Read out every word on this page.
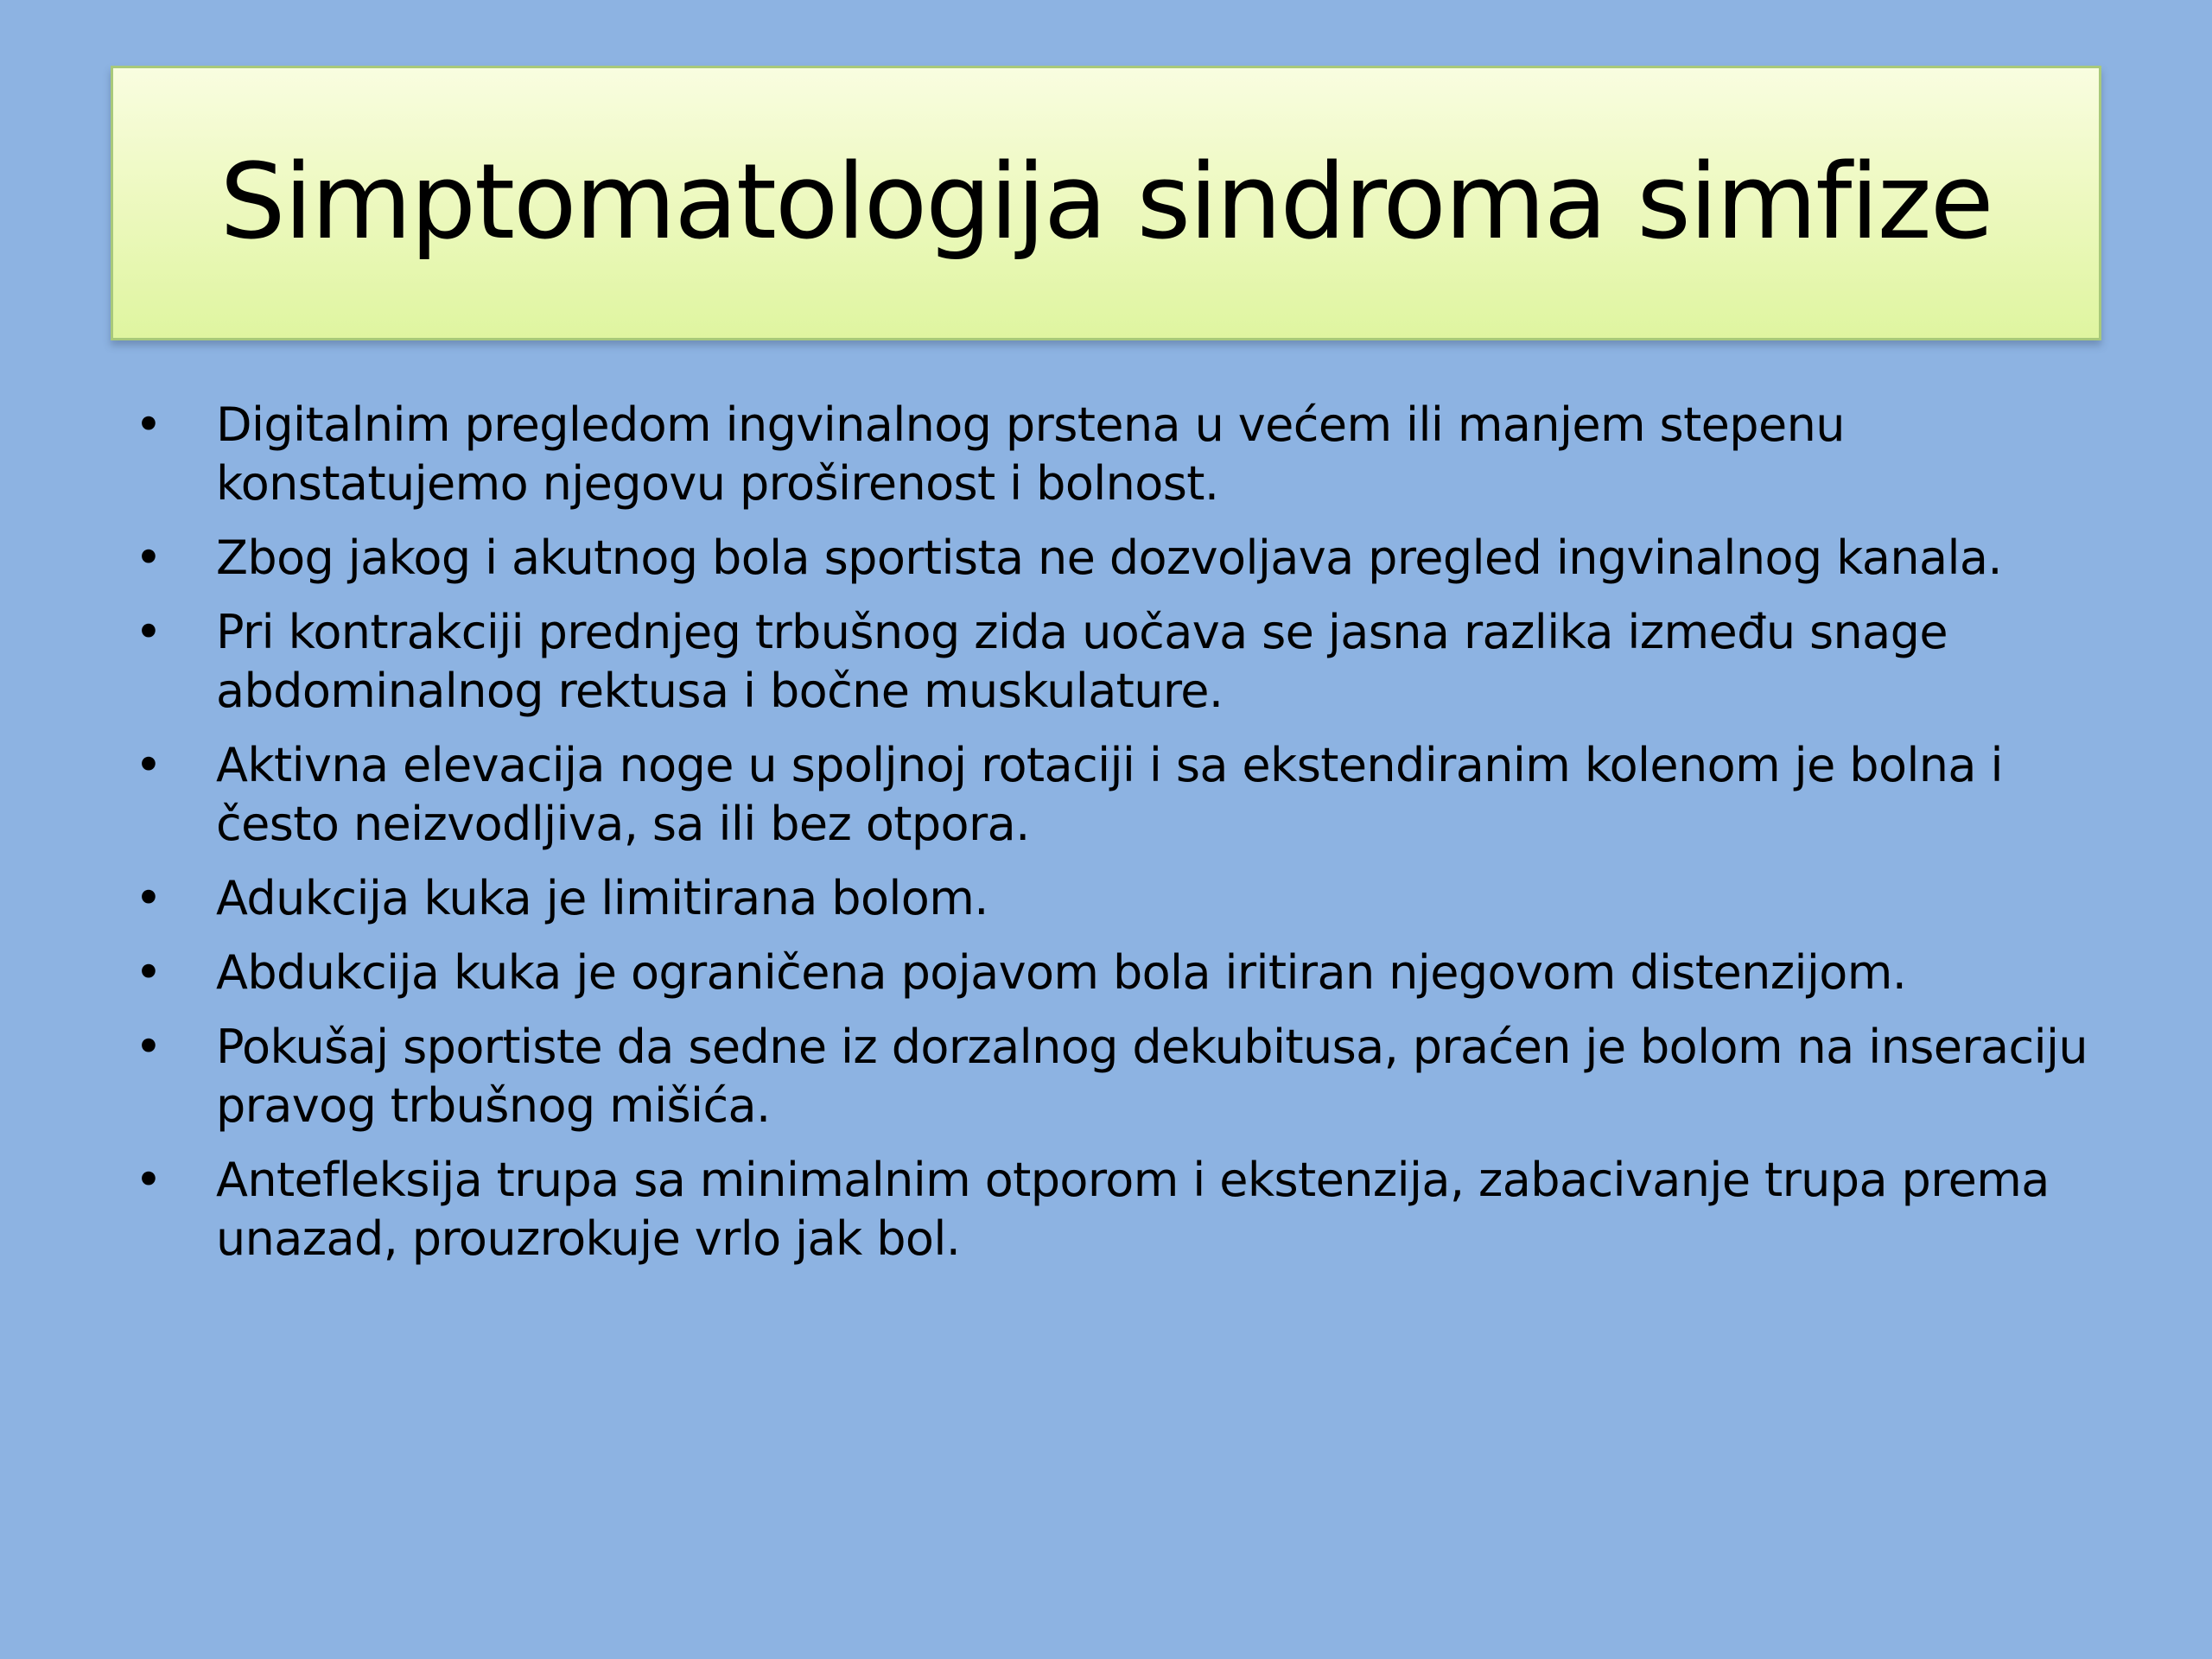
Simptomatologija sindroma simfize
• Digitalnim pregledom ingvinalnog prstena u većem ili manjem stepenu konstatujemo njegovu proširenost i bolnost.
• Zbog jakog i akutnog bola sportista ne dozvoljava pregled ingvinalnog kanala.
• Pri kontrakciji prednjeg trbušnog zida uočava se jasna razlika između snage abdominalnog rektusa i bočne muskulature.
• Aktivna elevacija noge u spoljnoj rotaciji i sa ekstendiranim kolenom je bolna i često neizvodljiva, sa ili bez otpora.
• Adukcija kuka je limitirana bolom.
• Abdukcija kuka je ograničena pojavom bola iritiran njegovom distenzijom.
• Pokušaj sportiste da sedne iz dorzalnog dekubitusa, praćen je bolom na inseraciju pravog trbušnog mišića.
• Antefleksija trupa sa minimalnim otporom i ekstenzija, zabacivanje trupa prema unazad, prouzrokuje vrlo jak bol.
